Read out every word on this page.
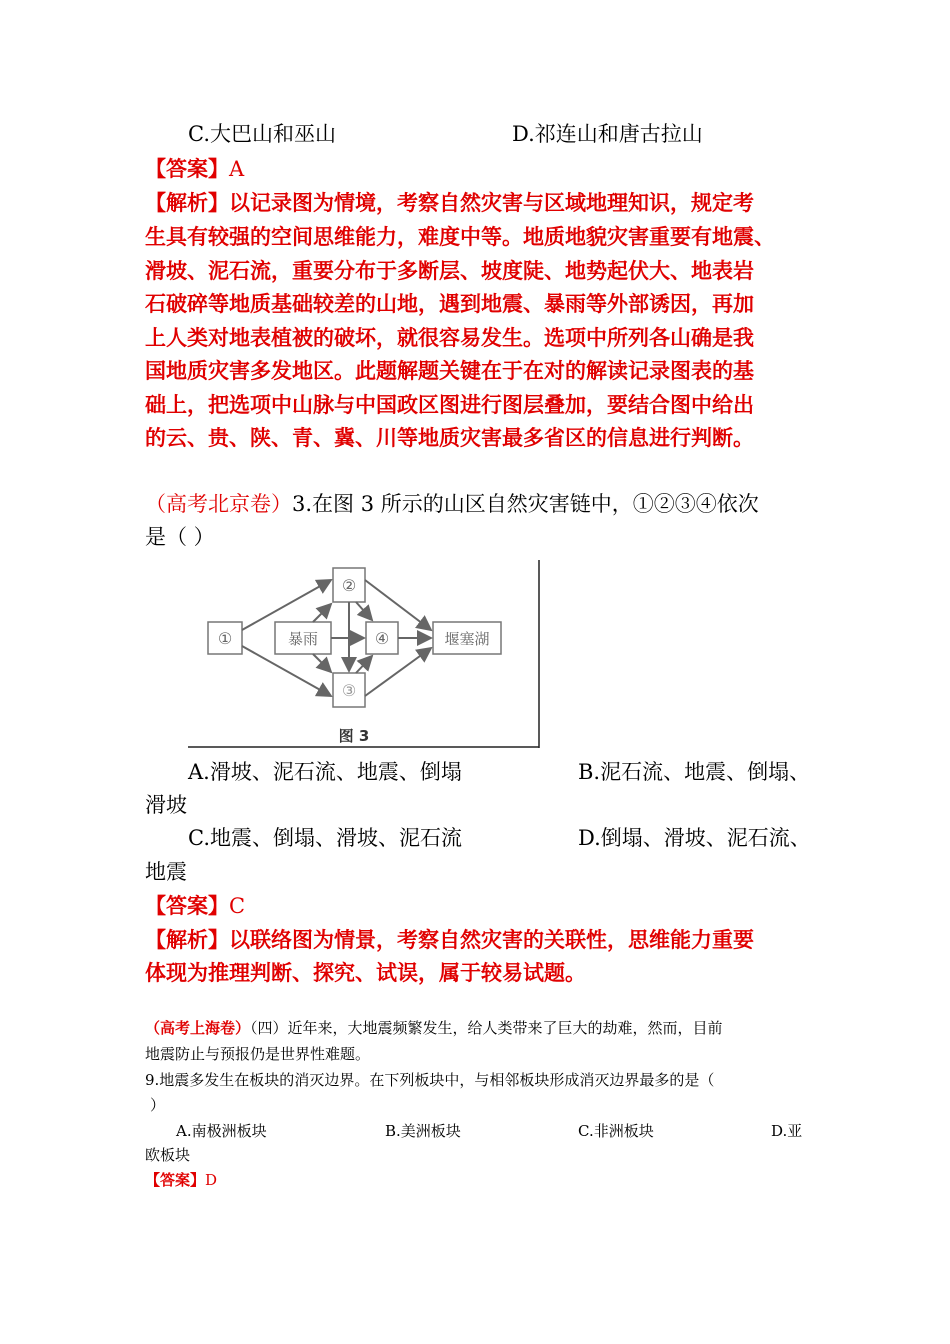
C.大巴山和巫山	D.祁连山和唐古拉山
【答案】A
【解析】以记录图为情境，考察自然灾害与区域地理知识，规定考
生具有较强的空间思维能力，难度中等。地质地貌灾害重要有地震、
滑坡、泥石流，重要分布于多断层、坡度陡、地势起伏大、地表岩
石破碎等地质基础较差的山地，遇到地震、暴雨等外部诱因，再加
上人类对地表植被的破坏，就很容易发生。选项中所列各山确是我
国地质灾害多发地区。此题解题关键在于在对的解读记录图表的基
础上，把选项中山脉与中国政区图进行图层叠加，要结合图中给出
的云、贵、陕、青、冀、川等地质灾害最多省区的信息进行判断。
（高考北京卷）3.在图 3 所示的山区自然灾害链中，①②③④依次
是（ ）
①	暴雨
②
④
③
堰塞湖
图 3
A.滑坡、泥石流、地震、倒塌	B.泥石流、地震、倒塌、
滑坡
C.地震、倒塌、滑坡、泥石流	D.倒塌、滑坡、泥石流、
地震
【答案】C
【解析】以联络图为情景，考察自然灾害的关联性，思维能力重要
体现为推理判断、探究、试误，属于较易试题。
（高考上海卷）（四）近年来，大地震频繁发生，给人类带来了巨大的劫难，然而，目前
地震防止与预报仍是世界性难题。
9.地震多发生在板块的消灭边界。在下列板块中，与相邻板块形成消灭边界最多的是（
）
A.南极洲板块	B.美洲板块	C.非洲板块	D.亚
欧板块
【答案】D
